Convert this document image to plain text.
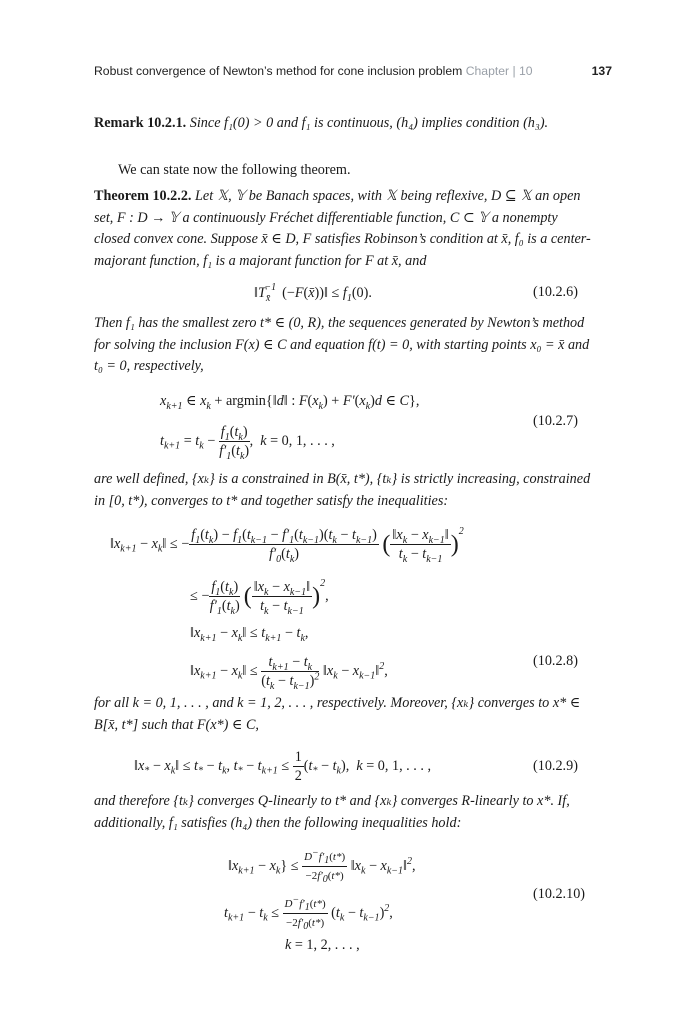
Robust convergence of Newton’s method for cone inclusion problem Chapter | 10	137
Remark 10.2.1. Since f₁(0) > 0 and f₁ is continuous, (h₄) implies condition (h₃).
We can state now the following theorem.
Theorem 10.2.2. Let 𝕏, 𝕐 be Banach spaces, with 𝕏 being reflexive, D ⊆ 𝕏 an open set, F : D → 𝕐 a continuously Fréchet differentiable function, C ⊂ 𝕐 a nonempty closed convex cone. Suppose x̄ ∈ D, F satisfies Robinson’s condition at x̄, f₀ is a center-majorant function, f₁ is a majorant function for F at x̄, and
$‖T_{x̄}^{-1}$ (−F(x̄))‖ ≤ $f_1(0)$.	(10.2.6)
Then f₁ has the smallest zero t* ∈ (0, R), the sequences generated by Newton’s method for solving the inclusion F(x) ∈ C and equation f(t) = 0, with starting points x₀ = x̄ and t₀ = 0, respectively,
$x_{k+1}$ ∈ $x_k$ + argmin{‖d‖ : $F(x_k) + F'(x_k)d$ ∈ C},
$t_{k+1} = t_k - \frac{f_1(t_k)}{f'_1(t_k)}$ ,  k = 0, 1, . . . ,
(10.2.7)
are well defined, {xₖ} is a constrained in B(x̄, t*), {tₖ} is strictly increasing, constrained in [0, t*), converges to t* and together satisfy the inequalities:
$‖x_{k+1}$ − $x_k‖$ ≤ − $\frac{f_1(t_k) - f_1(t_{k-1} - f'_1(t_{k-1})(t_k - t_{k-1})}{f'_0(t_k)}$ ( $\frac{‖x_k - x_{k-1}‖}{t_k - t_{k-1}} )^2$
≤ − $\frac{f_1(t_k)}{f'_1(t_k)}$ ( $\frac{‖x_k - x_{k-1}‖}{t_k - t_{k-1}} )^2$,
$‖x_{k+1}$ − $x_k‖ \le t_{k+1} - t_k$,
$‖x_{k+1}$ − $x_k‖ \le \frac{t_{k+1} - t_k}{(t_k - t_{k-1})^2}$ $‖x_k$ − $x_{k-1}‖^2$,
(10.2.8)
for all k = 0, 1, . . . , and k = 1, 2, . . . , respectively. Moreover, {xₖ} converges to x* ∈ B[x̄, t*] such that F(x*) ∈ C,
$‖x_*$ − $x_k‖ \le t_* - t_k$, $t_* - t_{k+1} \le \frac{1}{2} (t_* - t_k)$,  k = 0, 1, . . . ,	(10.2.9)
and therefore {tₖ} converges Q-linearly to t* and {xₖ} converges R-linearly to x*. If, additionally, f₁ satisfies (h₄) then the following inequalities hold:
$‖x_{k+1} - x_k\} \le \frac{D^-f'_1(t*)}{-2f'_0(t*)}$ $‖x_k$ − $x_{k-1}‖^2$,
$t_{k+1} - t_k \le \frac{D^-f'_1(t*)}{-2f'_0(t*)} (t_k - t_{k-1})^2$,
(10.2.10)
k = 1, 2, . . . ,
